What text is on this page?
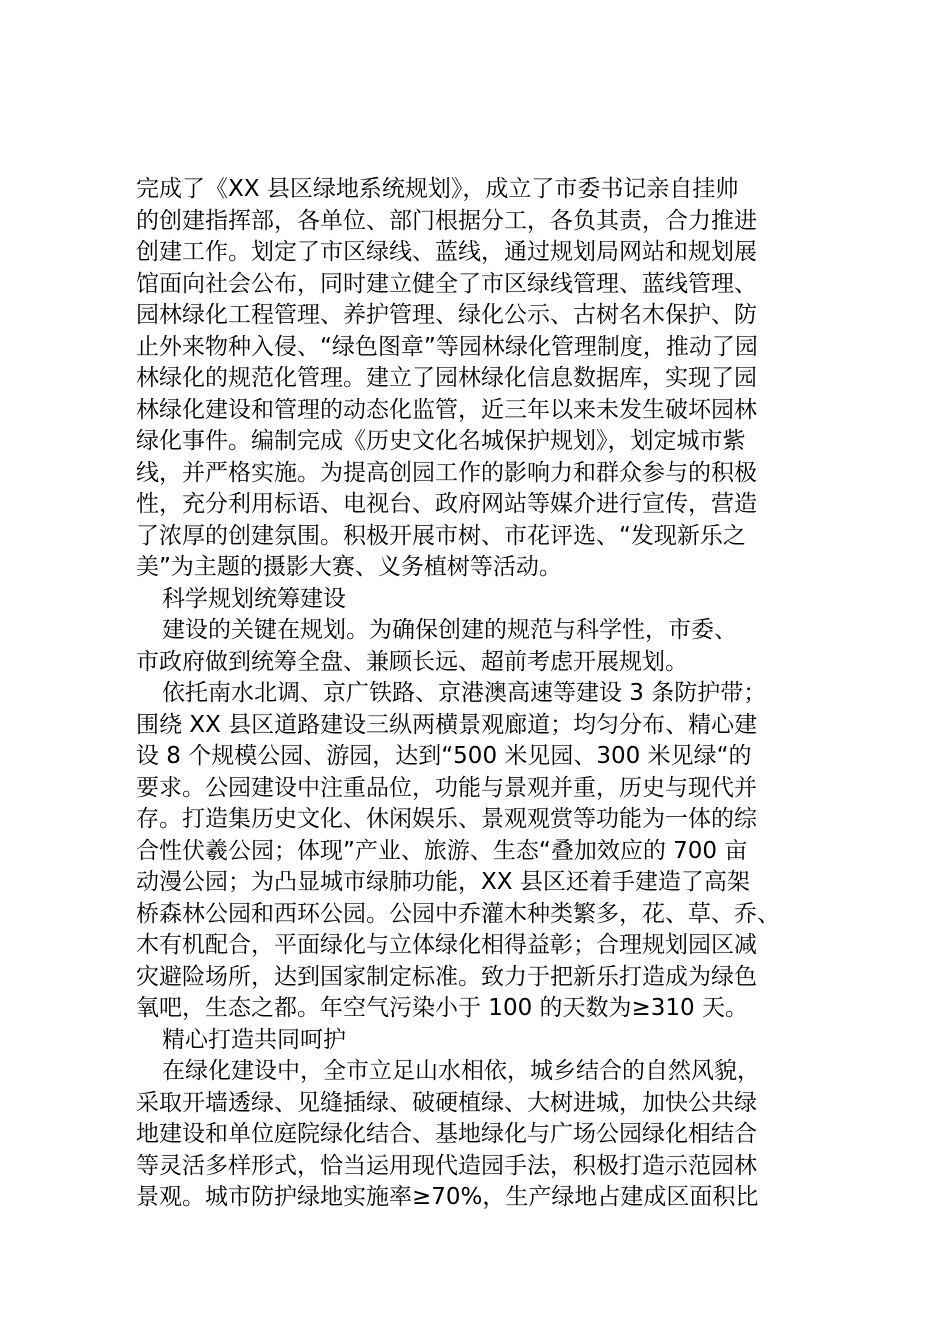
完成了《XX 县区绿地系统规划》，成立了市委书记亲自挂帅
的创建指挥部，各单位、部门根据分工，各负其责，合力推进
创建工作。划定了市区绿线、蓝线，通过规划局网站和规划展
馆面向社会公布，同时建立健全了市区绿线管理、蓝线管理、
园林绿化工程管理、养护管理、绿化公示、古树名木保护、防
止外来物种入侵、“绿色图章”等园林绿化管理制度，推动了园
林绿化的规范化管理。建立了园林绿化信息数据库，实现了园
林绿化建设和管理的动态化监管，近三年以来未发生破坏园林
绿化事件。编制完成《历史文化名城保护规划》，划定城市紫
线，并严格实施。为提高创园工作的影响力和群众参与的积极
性，充分利用标语、电视台、政府网站等媒介进行宣传，营造
了浓厚的创建氛围。积极开展市树、市花评选、“发现新乐之
美”为主题的摄影大赛、义务植树等活动。
科学规划统筹建设
建设的关键在规划。为确保创建的规范与科学性，市委、
市政府做到统筹全盘、兼顾长远、超前考虑开展规划。
依托南水北调、京广铁路、京港澳高速等建设 3 条防护带；
围绕 XX 县区道路建设三纵两横景观廊道；均匀分布、精心建
设 8 个规模公园、游园，达到“500 米见园、300 米见绿“的
要求。公园建设中注重品位，功能与景观并重，历史与现代并
存。打造集历史文化、休闲娱乐、景观观赏等功能为一体的综
合性伏羲公园；体现”产业、旅游、生态“叠加效应的 700 亩
动漫公园；为凸显城市绿肺功能，XX 县区还着手建造了高架
桥森林公园和西环公园。公园中乔灌木种类繁多，花、草、乔、
木有机配合，平面绿化与立体绿化相得益彰；合理规划园区减
灾避险场所，达到国家制定标准。致力于把新乐打造成为绿色
氧吧，生态之都。年空气污染小于 100 的天数为≥310 天。
精心打造共同呵护
在绿化建设中，全市立足山水相依，城乡结合的自然风貌，
采取开墙透绿、见缝插绿、破硬植绿、大树进城，加快公共绿
地建设和单位庭院绿化结合、基地绿化与广场公园绿化相结合
等灵活多样形式，恰当运用现代造园手法，积极打造示范园林
景观。城市防护绿地实施率≥70%，生产绿地占建成区面积比
